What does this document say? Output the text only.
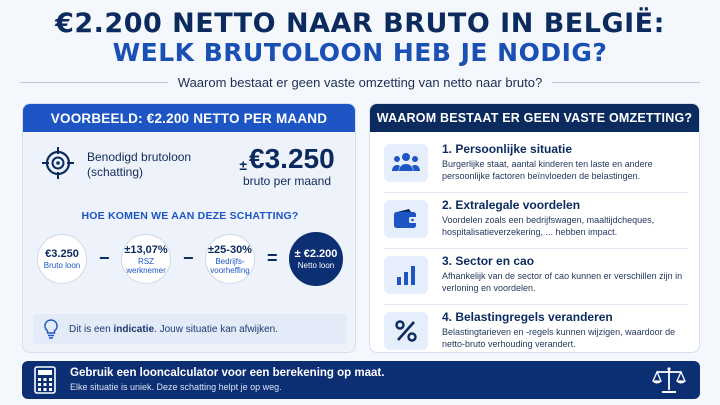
€2.200 NETTO NAAR BRUTO IN BELGIË:
WELK BRUTOLOON HEB JE NODIG?
Waarom bestaat er geen vaste omzetting van netto naar bruto?
VOORBEELD: €2.200 NETTO PER MAAND
Benodigd brutoloon
(schatting)	±€3.250
bruto per maand
HOE KOMEN WE AAN DEZE SCHATTING?
€3.250
Bruto loon − ±13,07%
RSZ werknemer
− ±25-30%
Bedrijfs-voorheffing
= ± €2.200
Netto loon
Dit is een indicatie. Jouw situatie kan afwijken.
WAAROM BESTAAT ER GEEN VASTE OMZETTING?
1. Persoonlijke situatie
Burgerlijke staat, aantal kinderen ten laste en andere persoonlijke factoren beïnvloeden de belastingen.
2. Extralegale voordelen
Voordelen zoals een bedrijfswagen, maaltijdcheques, hospitalisatieverzekering, ... hebben impact.
3. Sector en cao
Afhankelijk van de sector of cao kunnen er verschillen zijn in verloning en voordelen.
4. Belastingregels veranderen
Belastingtarieven en -regels kunnen wijzigen, waardoor de netto-bruto verhouding verandert.
Gebruik een looncalculator voor een berekening op maat.
Elke situatie is uniek. Deze schatting helpt je op weg.
